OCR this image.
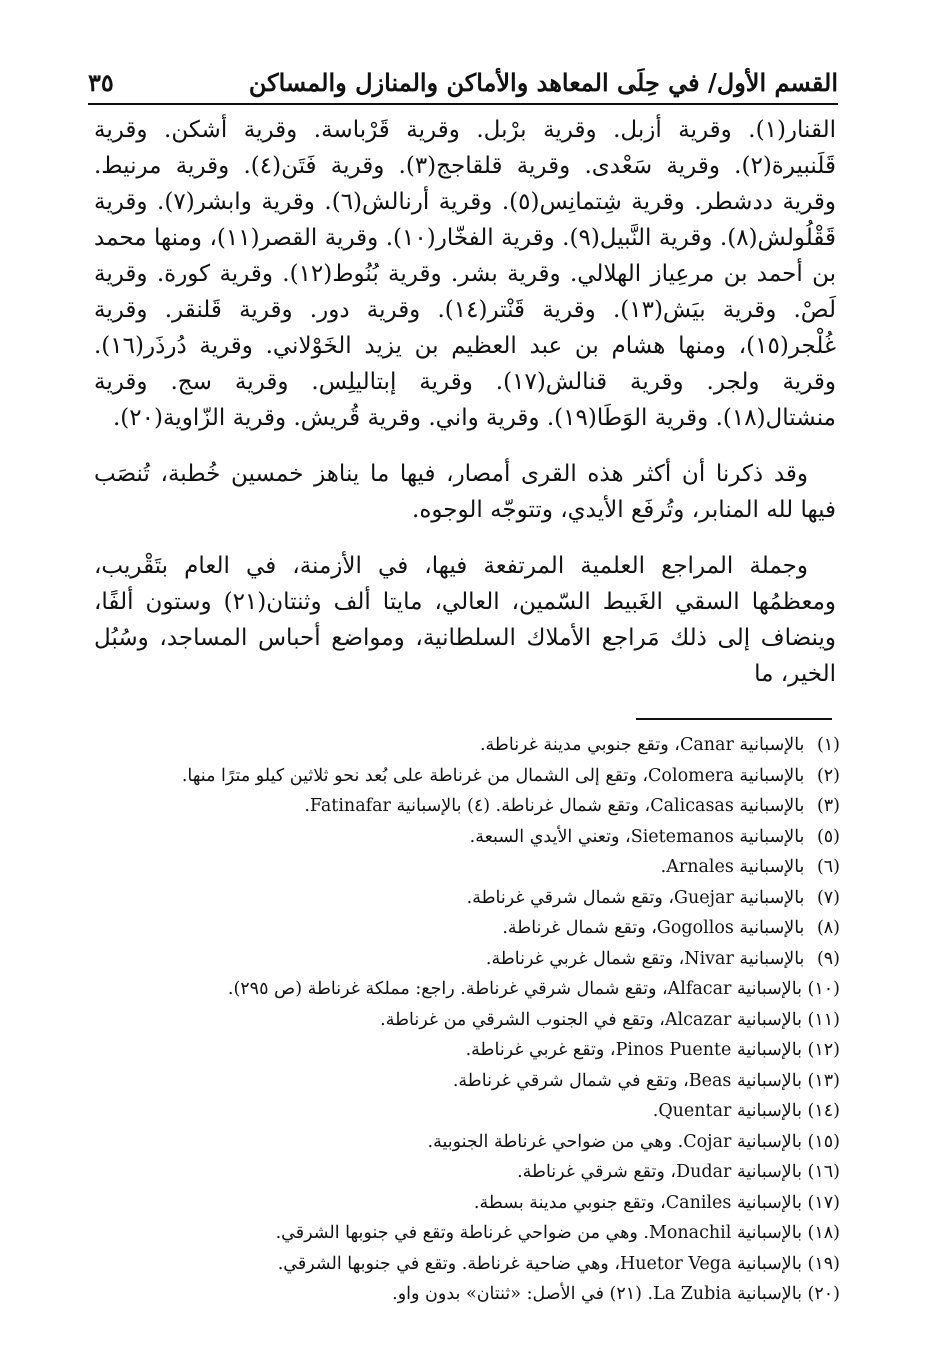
القسم الأول/ في حِلَى المعاهد والأماكن والمنازل والمساكن
٣٥

القنار(١). وقرية أزبل. وقرية برْبل. وقرية قَرْباسة. وقرية أشكن. وقرية قَلَنبيرة(٢). وقرية سَعْدى. وقرية قلقاجج(٣). وقرية فَتَن(٤). وقرية مرنيط. وقرية ددشطر. وقرية شِتمانِس(٥). وقرية أرنالش(٦). وقرية وابشر(٧). وقرية قَقْلُولش(٨). وقرية النَّبيل(٩). وقرية الفخّار(١٠). وقرية القصر(١١)، ومنها محمد بن أحمد بن مرعِياز الهلالي. وقرية بشر. وقرية بُنُوط(١٢). وقرية كورة. وقرية لَصْ. وقرية بيَش(١٣). وقرية قَنْتر(١٤). وقرية دور. وقرية قَلنقر. وقرية غُلْجر(١٥)، ومنها هشام بن عبد العظيم بن يزيد الخَوْلاني. وقرية دُرذَر(١٦). وقرية ولجر. وقرية قنالش(١٧). وقرية إبتاليلِس. وقرية سج. وقرية منشتال(١٨). وقرية الوَطَا(١٩). وقرية واني. وقرية قُريش. وقرية الزّاوية(٢٠).

وقد ذكرنا أن أكثر هذه القرى أمصار، فيها ما يناهز خمسين خُطبة، تُنصَب فيها لله المنابر، وتُرفَع الأيدي، وتتوجّه الوجوه.

وجملة المراجع العلمية المرتفعة فيها، في الأزمنة، في العام بتَقْريب، ومعظمُها السقي الغَبيط السّمين، العالي، مايتا ألف وثنتان(٢١) وستون ألفًا، وينضاف إلى ذلك مَراجع الأملاك السلطانية، ومواضع أحباس المساجد، وسُبُل الخير، ما

(١) بالإسبانية Canar، وتقع جنوبي مدينة غرناطة.
(٢) بالإسبانية Colomera، وتقع إلى الشمال من غرناطة على بُعد نحو ثلاثين كيلو مترًا منها.
(٣) بالإسبانية Calicasas، وتقع شمال غرناطة. (٤) بالإسبانية Fatinafar.
(٥) بالإسبانية Sietemanos، وتعني الأيدي السبعة.
(٦) بالإسبانية Arnales.
(٧) بالإسبانية Guejar، وتقع شمال شرقي غرناطة.
(٨) بالإسبانية Gogollos، وتقع شمال غرناطة.
(٩) بالإسبانية Nivar، وتقع شمال غربي غرناطة.
(١٠) بالإسبانية Alfacar، وتقع شمال شرقي غرناطة. راجع: مملكة غرناطة (ص ٢٩٥).
(١١) بالإسبانية Alcazar، وتقع في الجنوب الشرقي من غرناطة.
(١٢) بالإسبانية Pinos Puente، وتقع غربي غرناطة.
(١٣) بالإسبانية Beas، وتقع في شمال شرقي غرناطة.
(١٤) بالإسبانية Quentar.
(١٥) بالإسبانية Cojar. وهي من ضواحي غرناطة الجنوبية.
(١٦) بالإسبانية Dudar، وتقع شرقي غرناطة.
(١٧) بالإسبانية Caniles، وتقع جنوبي مدينة بسطة.
(١٨) بالإسبانية Monachil. وهي من ضواحي غرناطة وتقع في جنوبها الشرقي.
(١٩) بالإسبانية Huetor Vega، وهي ضاحية غرناطة. وتقع في جنوبها الشرقي.
(٢٠) بالإسبانية La Zubia. (٢١) في الأصل: «ثنتان» بدون واو.
